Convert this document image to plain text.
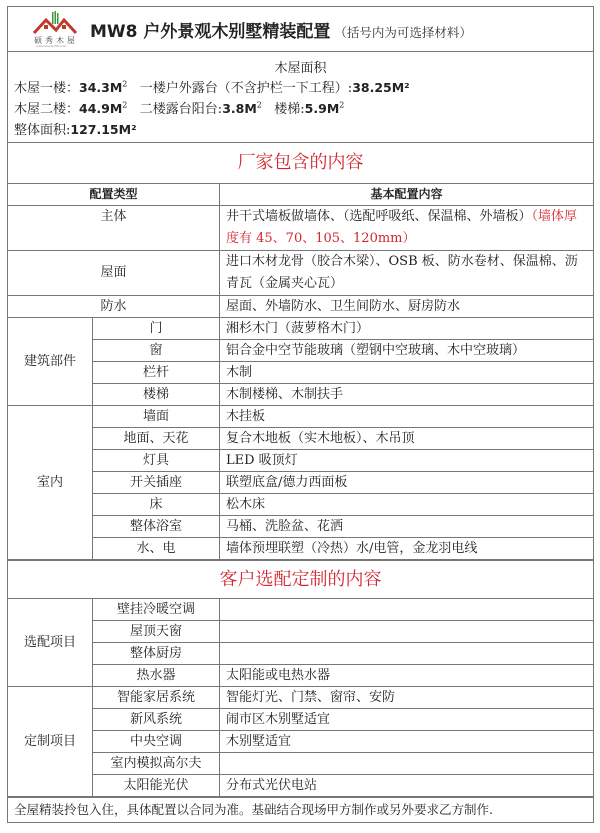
硕秀木屋
www.musw168.com
MW8 户外景观木别墅精装配置 （括号内为可选择材料）
木屋面积
木屋一楼：$34.3M^2$ 一楼户外露台（不含护栏一下工程）:38.25M²
木屋二楼：$44.9M^2$ 二楼露台阳台$:3.8M^2$ 楼梯$:5.9M^2$
整体面积:127.15M²
厂家包含的内容
配置类型		基本配置内容
主体		井干式墙板做墙体、（选配呼吸纸、保温棉、外墙板）（墙体厚度有 45、70、105、120mm）
屋面		进口木材龙骨（胶合木梁）、OSB 板、防水卷材、保温棉、沥青瓦（金属夹心瓦）
防水		屋面、外墙防水、卫生间防水、厨房防水
建筑部件	门	湘杉木门（菠萝格木门）
	窗	铝合金中空节能玻璃（塑钢中空玻璃、木中空玻璃）
	栏杆	木制
	楼梯	木制楼梯、木制扶手
室内	墙面	木挂板
	地面、天花	复合木地板（实木地板）、木吊顶
	灯具	LED 吸顶灯
	开关插座	联塑底盒/德力西面板
	床	松木床
	整体浴室	马桶、洗脸盆、花洒
	水、电	墙体预埋联塑（冷热）水/电管，金龙羽电线
客户选配定制的内容
选配项目	壁挂冷暖空调	
	屋顶天窗	
	整体厨房	
	热水器	太阳能或电热水器
定制项目	智能家居系统	智能灯光、门禁、窗帘、安防
	新风系统	闹市区木别墅适宜
	中央空调	木别墅适宜
	室内模拟高尔夫	
	太阳能光伏	分布式光伏电站
全屋精装拎包入住，具体配置以合同为准。基础结合现场甲方制作或另外要求乙方制作.
